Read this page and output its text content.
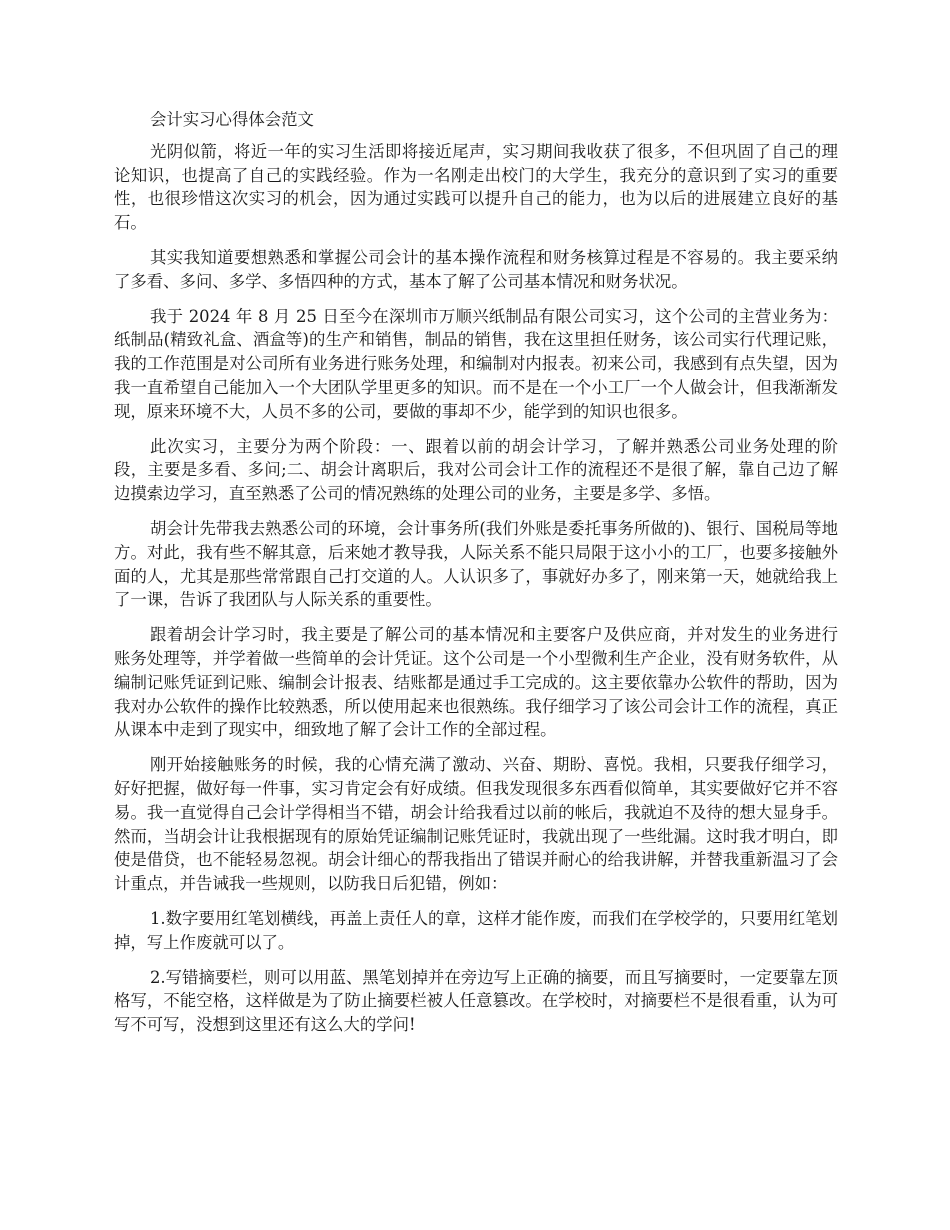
会计实习心得体会范文

光阴似箭，将近一年的实习生活即将接近尾声，实习期间我收获了很多，不但巩固了自己的理论知识，也提高了自己的实践经验。作为一名刚走出校门的大学生，我充分的意识到了实习的重要性，也很珍惜这次实习的机会，因为通过实践可以提升自己的能力，也为以后的进展建立良好的基石。

其实我知道要想熟悉和掌握公司会计的基本操作流程和财务核算过程是不容易的。我主要采纳了多看、多问、多学、多悟四种的方式，基本了解了公司基本情况和财务状况。

我于 2024 年 8 月 25 日至今在深圳市万顺兴纸制品有限公司实习，这个公司的主营业务为：纸制品(精致礼盒、酒盒等)的生产和销售，制品的销售，我在这里担任财务，该公司实行代理记账，我的工作范围是对公司所有业务进行账务处理，和编制对内报表。初来公司，我感到有点失望，因为我一直希望自己能加入一个大团队学里更多的知识。而不是在一个小工厂一个人做会计，但我渐渐发现，原来环境不大，人员不多的公司，要做的事却不少，能学到的知识也很多。

此次实习，主要分为两个阶段：一、跟着以前的胡会计学习，了解并熟悉公司业务处理的阶段，主要是多看、多问;二、胡会计离职后，我对公司会计工作的流程还不是很了解，靠自己边了解边摸索边学习，直至熟悉了公司的情况熟练的处理公司的业务，主要是多学、多悟。

胡会计先带我去熟悉公司的环境，会计事务所(我们外账是委托事务所做的)、银行、国税局等地方。对此，我有些不解其意，后来她才教导我，人际关系不能只局限于这小小的工厂，也要多接触外面的人，尤其是那些常常跟自己打交道的人。人认识多了，事就好办多了，刚来第一天，她就给我上了一课，告诉了我团队与人际关系的重要性。

跟着胡会计学习时，我主要是了解公司的基本情况和主要客户及供应商，并对发生的业务进行账务处理等，并学着做一些简单的会计凭证。这个公司是一个小型微利生产企业，没有财务软件，从编制记账凭证到记账、编制会计报表、结账都是通过手工完成的。这主要依靠办公软件的帮助，因为我对办公软件的操作比较熟悉，所以使用起来也很熟练。我仔细学习了该公司会计工作的流程，真正从课本中走到了现实中，细致地了解了会计工作的全部过程。

刚开始接触账务的时候，我的心情充满了激动、兴奋、期盼、喜悦。我相，只要我仔细学习，好好把握，做好每一件事，实习肯定会有好成绩。但我发现很多东西看似简单，其实要做好它并不容易。我一直觉得自己会计学得相当不错，胡会计给我看过以前的帐后，我就迫不及待的想大显身手。然而，当胡会计让我根据现有的原始凭证编制记账凭证时，我就出现了一些纰漏。这时我才明白，即使是借贷，也不能轻易忽视。胡会计细心的帮我指出了错误并耐心的给我讲解，并替我重新温习了会计重点，并告诫我一些规则，以防我日后犯错，例如：

1.数字要用红笔划横线，再盖上责任人的章，这样才能作废，而我们在学校学的，只要用红笔划掉，写上作废就可以了。

2.写错摘要栏，则可以用蓝、黑笔划掉并在旁边写上正确的摘要，而且写摘要时，一定要靠左顶格写，不能空格，这样做是为了防止摘要栏被人任意篡改。在学校时，对摘要栏不是很看重，认为可写不可写，没想到这里还有这么大的学问!
